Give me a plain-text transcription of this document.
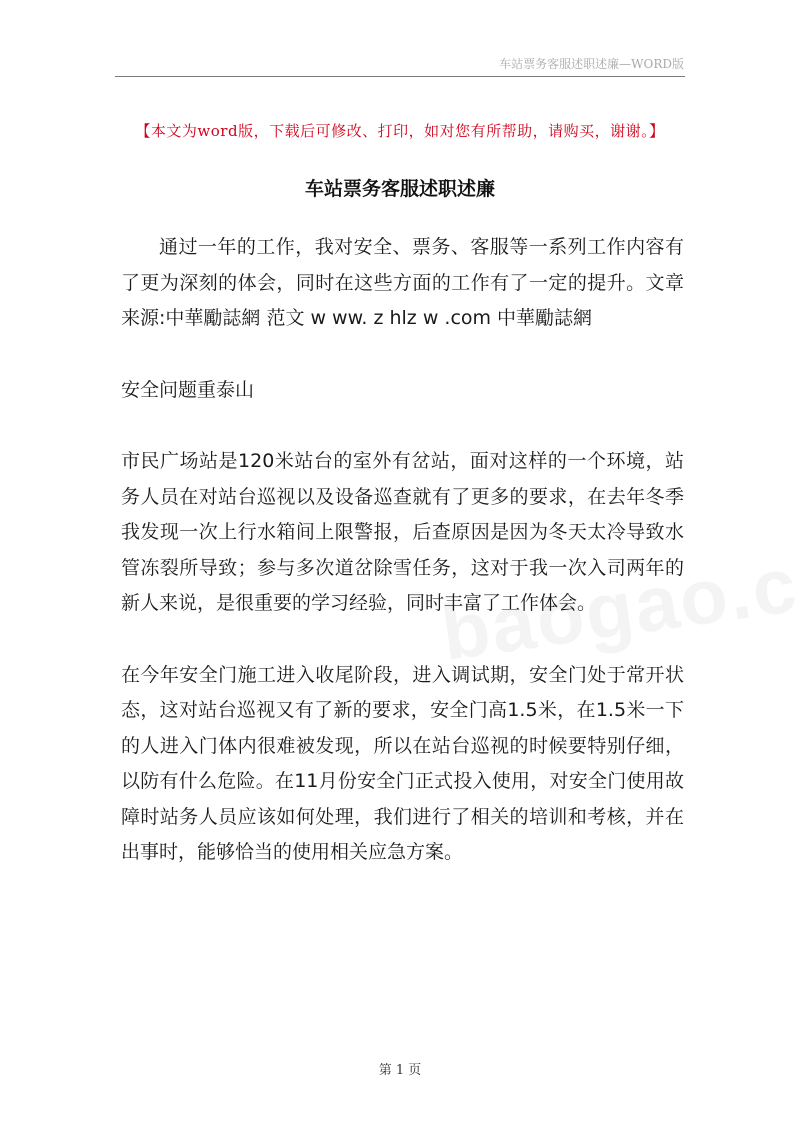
车站票务客服述职述廉—WORD版
【本文为word版，下载后可修改、打印，如对您有所帮助，请购买，谢谢。】
车站票务客服述职述廉

通过一年的工作，我对安全、票务、客服等一系列工作内容有了更为深刻的体会，同时在这些方面的工作有了一定的提升。文章来源:中華勵誌網 范文 w ww. z hlz w .com 中華勵誌網

安全问题重泰山

市民广场站是120米站台的室外有岔站，面对这样的一个环境，站务人员在对站台巡视以及设备巡查就有了更多的要求，在去年冬季我发现一次上行水箱间上限警报，后查原因是因为冬天太冷导致水管冻裂所导致；参与多次道岔除雪任务，这对于我一次入司两年的新人来说，是很重要的学习经验，同时丰富了工作体会。

在今年安全门施工进入收尾阶段，进入调试期，安全门处于常开状态，这对站台巡视又有了新的要求，安全门高1.5米，在1.5米一下的人进入门体内很难被发现，所以在站台巡视的时候要特别仔细，以防有什么危险。在11月份安全门正式投入使用，对安全门使用故障时站务人员应该如何处理，我们进行了相关的培训和考核，并在出事时，能够恰当的使用相关应急方案。

第 1 页
